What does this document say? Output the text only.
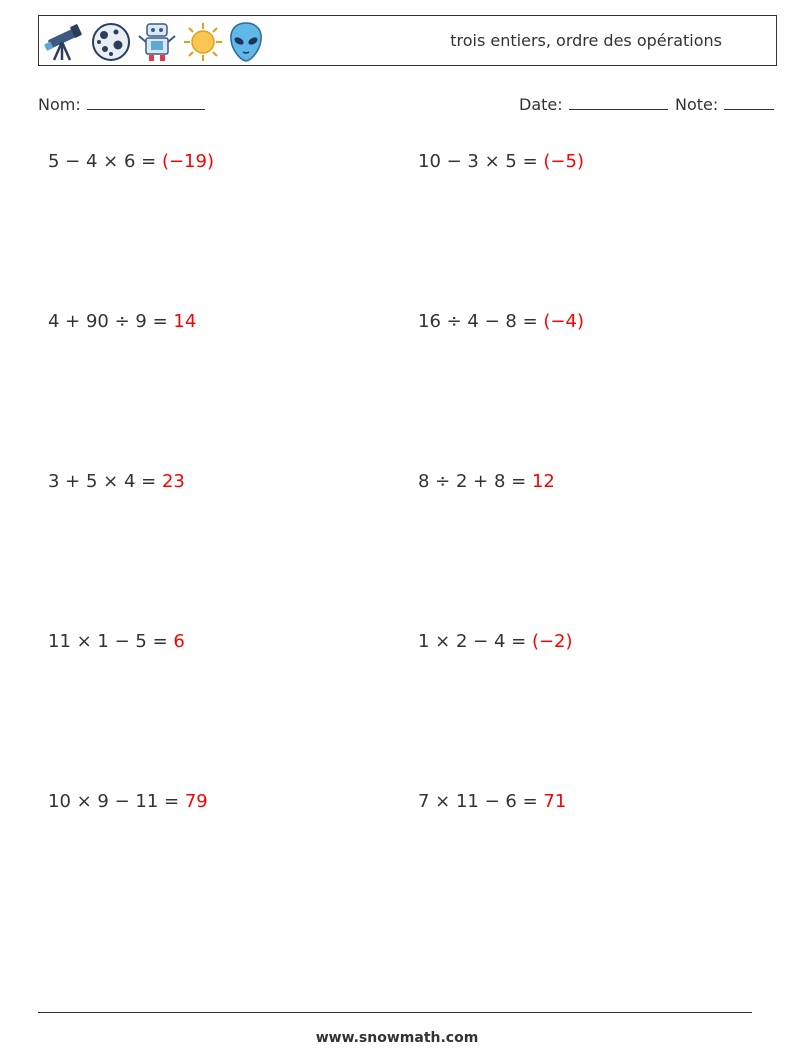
trois entiers, ordre des opérations
Nom:	Date:	Note:
5 − 4 × 6 = (−19)	10 − 3 × 5 = (−5)
4 + 90 ÷ 9 = 14	16 ÷ 4 − 8 = (−4)
3 + 5 × 4 = 23	8 ÷ 2 + 8 = 12
11 × 1 − 5 = 6	1 × 2 − 4 = (−2)
10 × 9 − 11 = 79	7 × 11 − 6 = 71
www.snowmath.com
